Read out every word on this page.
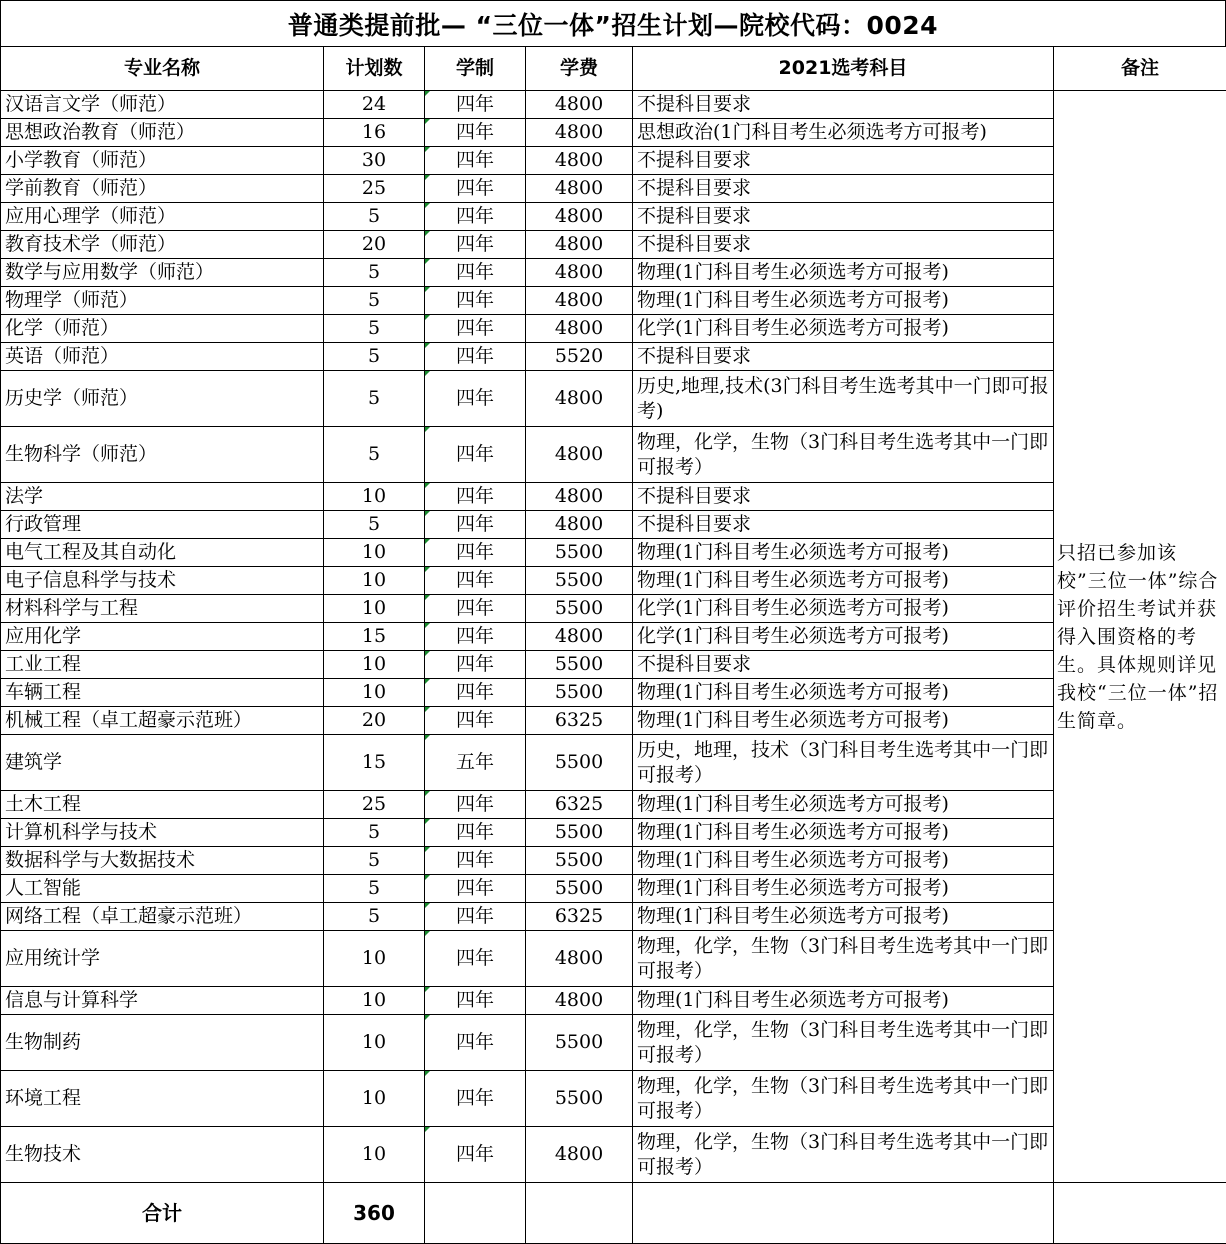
普通类提前批— “三位一体”招生计划—院校代码：0024
专业名称	计划数	学制	学费	2021选考科目	备注
汉语言文学（师范）	24	四年	4800	不提科目要求	只招已参加该校”三位一体”综合评价招生考试并获得入围资格的考生。具体规则详见我校“三位一体”招生简章。
思想政治教育（师范）	16	四年	4800	思想政治(1门科目考生必须选考方可报考)	
小学教育（师范）	30	四年	4800	不提科目要求	
学前教育（师范）	25	四年	4800	不提科目要求	
应用心理学（师范）	5	四年	4800	不提科目要求	
教育技术学（师范）	20	四年	4800	不提科目要求	
数学与应用数学（师范）	5	四年	4800	物理(1门科目考生必须选考方可报考)	
物理学（师范）	5	四年	4800	物理(1门科目考生必须选考方可报考)	
化学（师范）	5	四年	4800	化学(1门科目考生必须选考方可报考)	
英语（师范）	5	四年	5520	不提科目要求	
历史学（师范）	5	四年	4800	历史,地理,技术(3门科目考生选考其中一门即可报考)	
生物科学（师范）	5	四年	4800	物理，化学，生物（3门科目考生选考其中一门即可报考）	
法学	10	四年	4800	不提科目要求	
行政管理	5	四年	4800	不提科目要求	
电气工程及其自动化	10	四年	5500	物理(1门科目考生必须选考方可报考)	
电子信息科学与技术	10	四年	5500	物理(1门科目考生必须选考方可报考)	
材料科学与工程	10	四年	5500	化学(1门科目考生必须选考方可报考)	
应用化学	15	四年	4800	化学(1门科目考生必须选考方可报考)	
工业工程	10	四年	5500	不提科目要求	
车辆工程	10	四年	5500	物理(1门科目考生必须选考方可报考)	
机械工程（卓工超豪示范班）	20	四年	6325	物理(1门科目考生必须选考方可报考)	
建筑学	15	五年	5500	历史，地理，技术（3门科目考生选考其中一门即可报考）	
土木工程	25	四年	6325	物理(1门科目考生必须选考方可报考)	
计算机科学与技术	5	四年	5500	物理(1门科目考生必须选考方可报考)	
数据科学与大数据技术	5	四年	5500	物理(1门科目考生必须选考方可报考)	
人工智能	5	四年	5500	物理(1门科目考生必须选考方可报考)	
网络工程（卓工超豪示范班）	5	四年	6325	物理(1门科目考生必须选考方可报考)	
应用统计学	10	四年	4800	物理，化学，生物（3门科目考生选考其中一门即可报考）	
信息与计算科学	10	四年	4800	物理(1门科目考生必须选考方可报考)	
生物制药	10	四年	5500	物理，化学，生物（3门科目考生选考其中一门即可报考）	
环境工程	10	四年	5500	物理，化学，生物（3门科目考生选考其中一门即可报考）	
生物技术	10	四年	4800	物理，化学，生物（3门科目考生选考其中一门即可报考）	
合计	360				
